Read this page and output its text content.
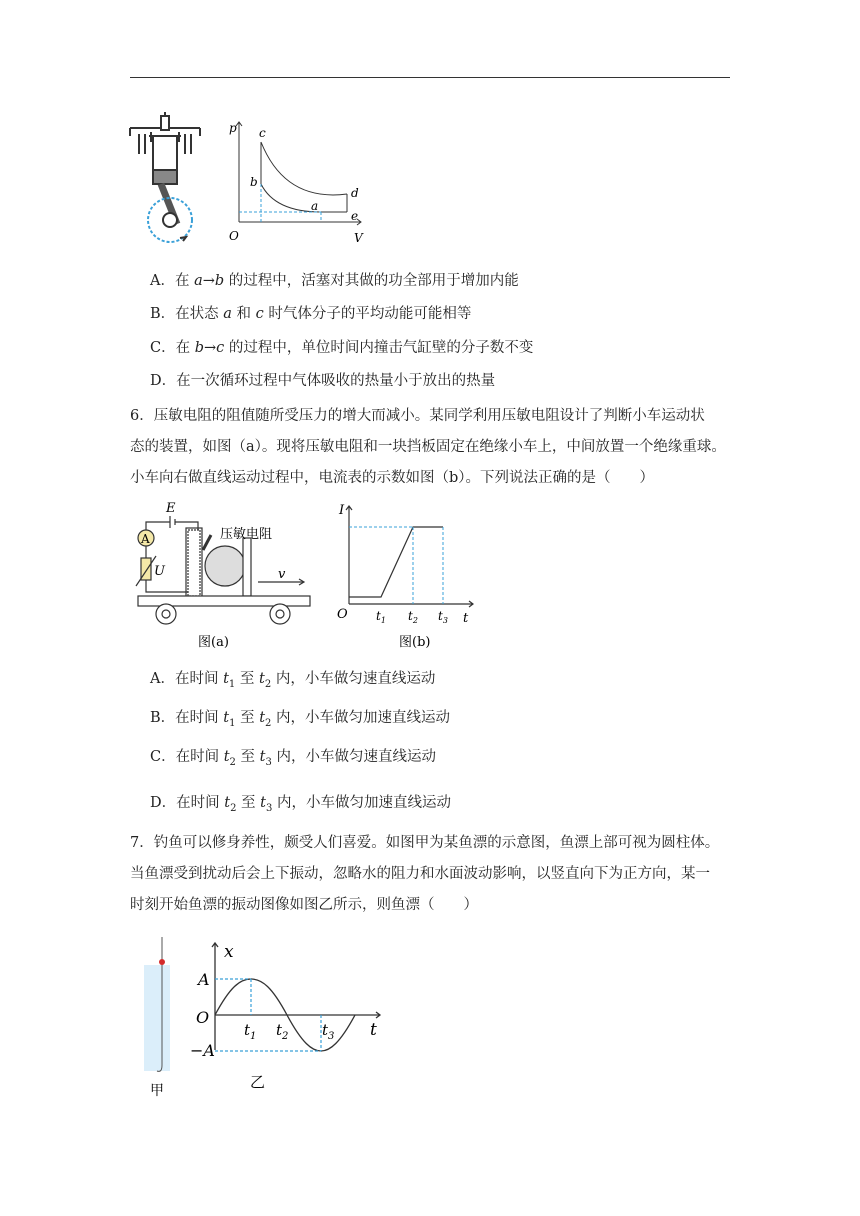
p
V
O
c
b
a
d
e
A．在 a→b 的过程中，活塞对其做的功全部用于增加内能
B．在状态 a 和 c 时气体分子的平均动能可能相等
C．在 b→c 的过程中，单位时间内撞击气缸壁的分子数不变
D．在一次循环过程中气体吸收的热量小于放出的热量

6．压敏电阻的阻值随所受压力的增大而减小。某同学利用压敏电阻设计了判断小车运动状

态的装置，如图（a）。现将压敏电阻和一块挡板固定在绝缘小车上，中间放置一个绝缘重球。

小车向右做直线运动过程中，电流表的示数如图（b）。下列说法正确的是（　　）

E
A
U
压敏电阻
v
图(a)
I
O	t
$t_1$ $t_2$ $t_3$
图(b)
A．在时间 $t_1$ 至 $t_2$ 内，小车做匀速直线运动
B．在时间 $t_1$ 至 $t_2$ 内，小车做匀加速直线运动
C．在时间 $t_2$ 至 $t_3$ 内，小车做匀速直线运动
D．在时间 $t_2$ 至 $t_3$ 内，小车做匀加速直线运动

7．钓鱼可以修身养性，颇受人们喜爱。如图甲为某鱼漂的示意图，鱼漂上部可视为圆柱体。

当鱼漂受到扰动后会上下振动，忽略水的阻力和水面波动影响，以竖直向下为正方向，某一

时刻开始鱼漂的振动图像如图乙所示，则鱼漂（　　）

甲
x
A
−A
O
t
$t_1$ $t_2$ $t_3$
乙
